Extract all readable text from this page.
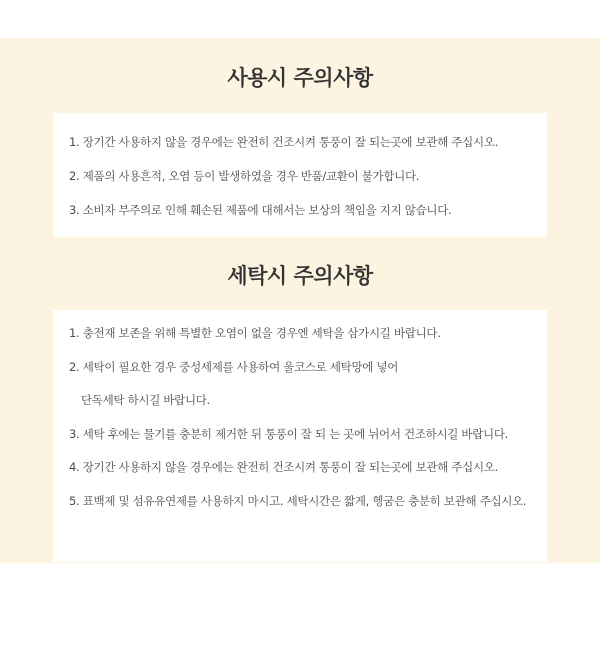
사용시 주의사항
1. 장기간 사용하지 않을 경우에는 완전히 건조시켜 통풍이 잘 되는곳에 보관해 주십시오.
2. 제품의 사용흔적, 오염 등이 발생하였을 경우 반품/교환이 불가합니다.
3. 소비자 부주의로 인해 훼손된 제품에 대해서는 보상의 책임을 지지 않습니다.
세탁시 주의사항
1. 충전재 보존을 위해 특별한 오염이 없을 경우엔 세탁을 삼가시길 바랍니다.
2. 세탁이 필요한 경우 중성세제를 사용하여 울코스로 세탁망에 넣어
단독세탁 하시길 바랍니다.
3. 세탁 후에는 물기를 충분히 제거한 뒤 통풍이 잘 되 는 곳에 뉘어서 건조하시길 바랍니다.
4. 장기간 사용하지 않을 경우에는 완전히 건조시켜 통풍이 잘 되는곳에 보관해 주십시오.
5. 표백제 및 섬유유연제를 사용하지 마시고. 세탁시간은 짧게, 헹굼은 충분히 보관해 주십시오.
